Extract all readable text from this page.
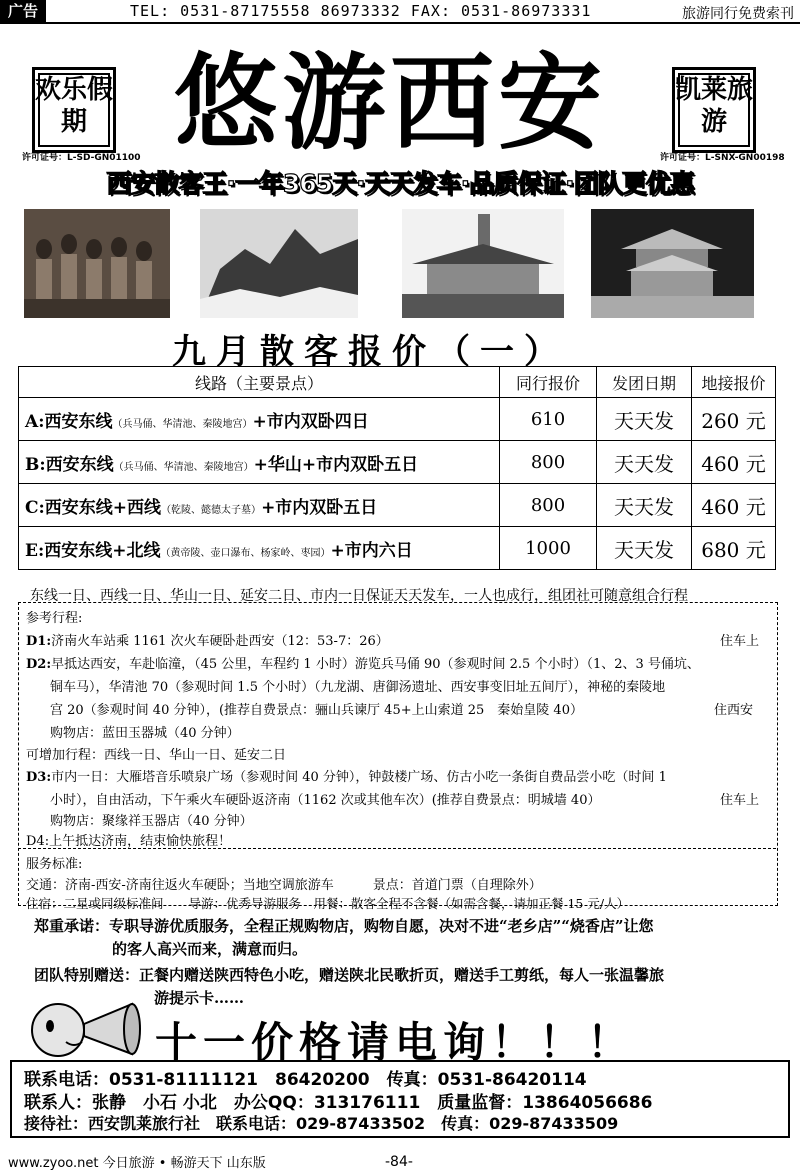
广告	TEL: 0531-87175558 86973332 FAX: 0531-86973331	旅游同行免费索刊
欢乐假期
许可证号：L-SD-GN01100 悠游西安	凯莱旅游
许可证号：L-SNX-GN00198
西安散客王·一年365天·天天发车·品质保证·团队更优惠
九月散客报价（一）
线路（主要景点）	同行报价	发团日期	地接报价
A:西安东线（兵马俑、华清池、秦陵地宫）+市内双卧四日	610	天天发	260 元
B:西安东线（兵马俑、华清池、秦陵地宫）+华山+市内双卧五日	800	天天发	460 元
C:西安东线+西线（乾陵、懿德太子墓）+市内双卧五日	800	天天发	460 元
E:西安东线+北线（黄帝陵、壶口瀑布、杨家岭、枣园）+市内六日	1000	天天发	680 元
东线一日、西线一日、华山一日、延安二日、市内一日保证天天发车，一人也成行，组团社可随意组合行程
参考行程:
D1:济南火车站乘 1161 次火车硬卧赴西安（12：53-7：26）	住车上
D2:早抵达西安，车赴临潼，（45 公里，车程约 1 小时）游览兵马俑 90（参观时间 2.5 个小时）（1、2、3 号俑坑、
铜车马），华清池 70（参观时间 1.5 个小时）（九龙湖、唐御汤遗址、西安事变旧址五间厅），神秘的秦陵地
宫 20（参观时间 40 分钟），(推荐自费景点：骊山兵谏厅 45+上山索道 25　秦始皇陵 40）	住西安
购物店：蓝田玉器城（40 分钟）
可增加行程：西线一日、华山一日、延安二日
D3:市内一日：大雁塔音乐喷泉广场（参观时间 40 分钟），钟鼓楼广场、仿古小吃一条街自费品尝小吃（时间 1
小时），自由活动，下午乘火车硬卧返济南（1162 次或其他车次）(推荐自费景点：明城墙 40）	住车上
购物店：聚缘祥玉器店（40 分钟）
D4:上午抵达济南，结束愉快旅程！
服务标准:
交通：济南-西安-济南往返火车硬卧；当地空调旅游车　　　景点：首道门票（自理除外）
住宿：二星或同级标准间　　导游：优秀导游服务　用餐：散客全程不含餐（如需含餐，请加正餐 15 元/人）
郑重承诺：专职导游优质服务，全程正规购物店，购物自愿，决对不进“老乡店”“烧香店”让您
的客人高兴而来，满意而归。
团队特别赠送：正餐内赠送陕西特色小吃，赠送陕北民歌折页，赠送手工剪纸，每人一张温馨旅
游提示卡……
十一价格请电询！！！
联系电话：0531-81111121　86420200　传真：0531-86420114
联系人：张静　小石 小北　办公QQ：313176111　质量监督：13864056686
接待社：西安凯莱旅行社　联系电话：029-87433502　传真：029-87433509
www.zyoo.net 今日旅游 • 畅游天下 山东版	-84-
